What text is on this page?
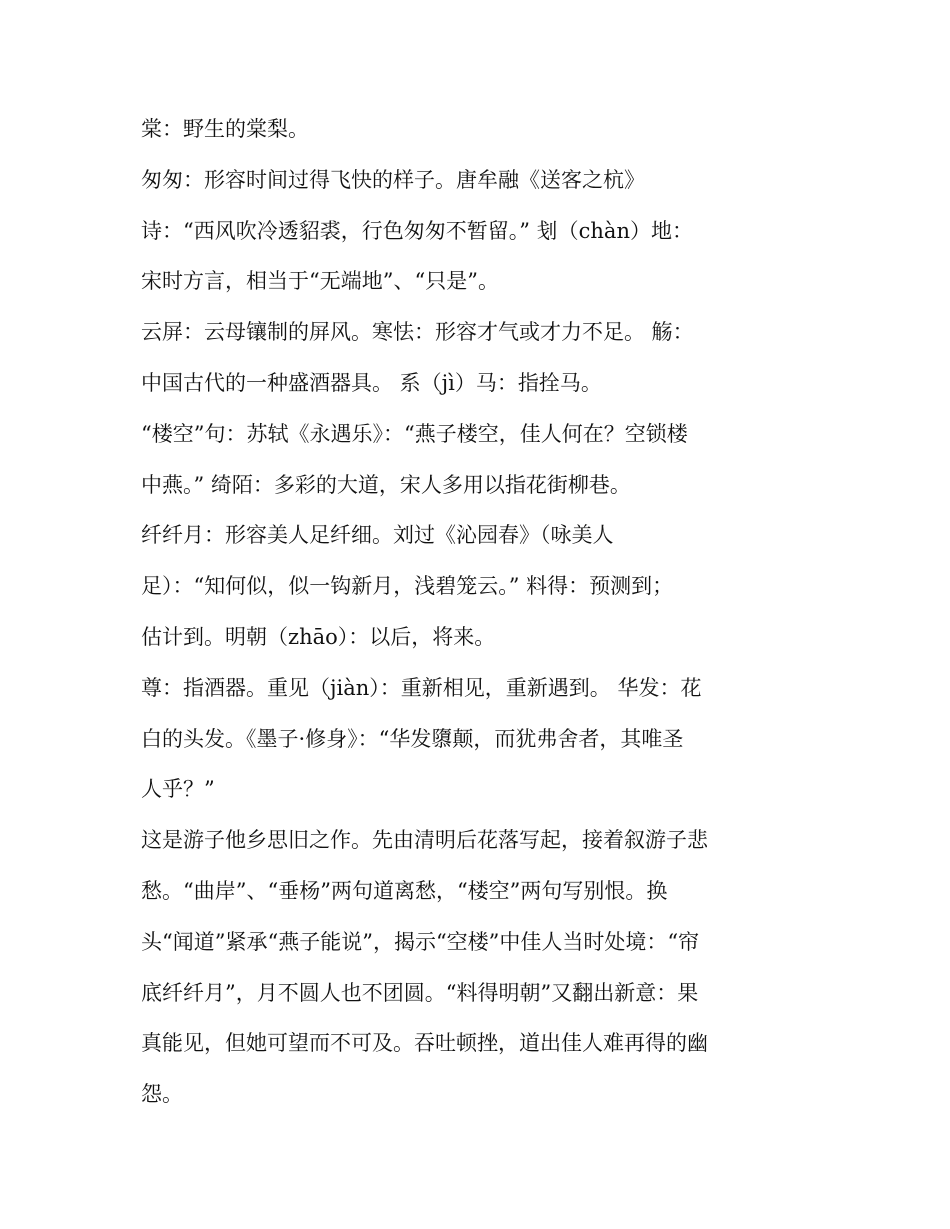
棠：野生的棠梨。
匆匆：形容时间过得飞快的样子。唐牟融《送客之杭》
诗：“西风吹冷透貂裘，行色匆匆不暂留。” 刬（chàn）地：
宋时方言，相当于“无端地”、“只是”。
云屏：云母镶制的屏风。寒怯：形容才气或才力不足。 觞：
中国古代的一种盛酒器具。 系（jì）马：指拴马。
“楼空”句：苏轼《永遇乐》：“燕子楼空，佳人何在？空锁楼
中燕。” 绮陌：多彩的大道，宋人多用以指花街柳巷。
纤纤月：形容美人足纤细。刘过《沁园春》（咏美人
足）：“知何似，似一钩新月，浅碧笼云。” 料得：预测到；
估计到。明朝（zhāo）：以后，将来。
尊：指酒器。重见（jiàn）：重新相见，重新遇到。 华发：花
白的头发。《墨子·修身》：“华发隳颠，而犹弗舍者，其唯圣
人乎？”
这是游子他乡思旧之作。先由清明后花落写起，接着叙游子悲
愁。“曲岸”、“垂杨”两句道离愁，“楼空”两句写别恨。换
头“闻道”紧承“燕子能说”，揭示“空楼”中佳人当时处境：“帘
底纤纤月”，月不圆人也不团圆。“料得明朝”又翻出新意：果
真能见，但她可望而不可及。吞吐顿挫，道出佳人难再得的幽
怨。
